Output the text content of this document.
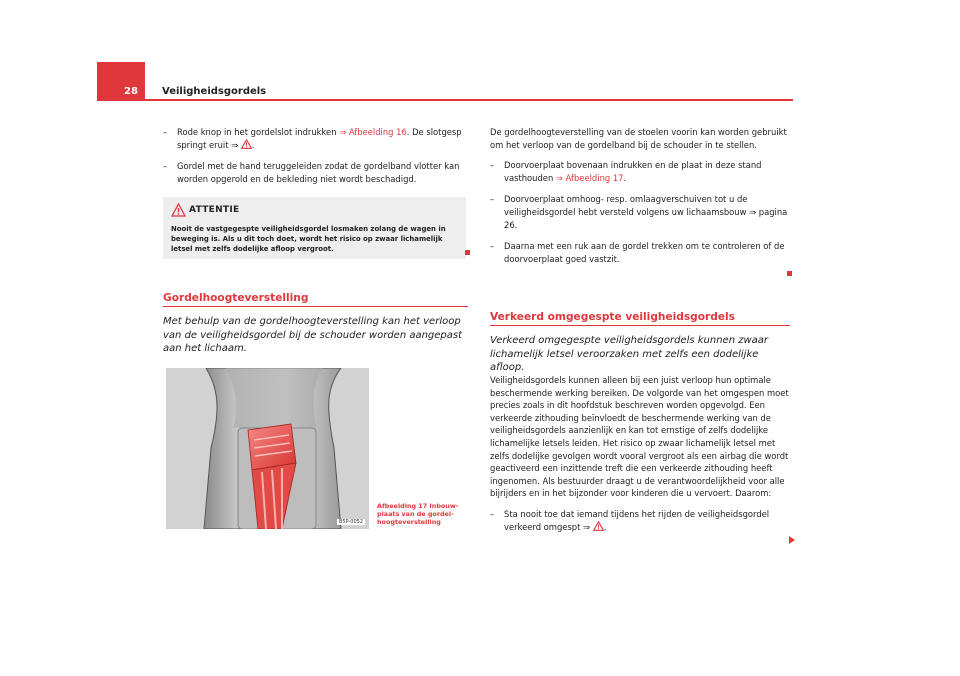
28 Veiligheidsgordels
–	Rode knop in het gordelslot indrukken ⇒ Afbeelding 16. De slotgesp springt eruit ⇒ .
–	Gordel met de hand teruggeleiden zodat de gordelband vlotter kan worden opgerold en de bekleding niet wordt beschadigd.
ATTENTIE
Nooit de vastgegespte veiligheidsgordel losmaken zolang de wagen in beweging is. Als u dit toch doet, wordt het risico op zwaar lichamelijk letsel met zelfs dodelijke afloop vergroot.
Gordelhoogteverstelling
Met behulp van de gordelhoogteverstelling kan het verloop van de veiligheidsgordel bij de schouder worden aangepast aan het lichaam.
B5P-0052
Afbeelding 17 Inbouwplaats van de gordelhoogteverstelling

De gordelhoogteverstelling van de stoelen voorin kan worden gebruikt om het verloop van de gordelband bij de schouder in te stellen.

–	Doorvoerplaat bovenaan indrukken en de plaat in deze stand vasthouden ⇒ Afbeelding 17.
–	Doorvoerplaat omhoog- resp. omlaagverschuiven tot u de veiligheidsgordel hebt versteld volgens uw lichaamsbouw ⇒ pagina 26.
–	Daarna met een ruk aan de gordel trekken om te controleren of de doorvoerplaat goed vastzit.
Verkeerd omgegespte veiligheidsgordels
Verkeerd omgegespte veiligheidsgordels kunnen zwaar lichamelijk letsel veroorzaken met zelfs een dodelijke afloop.

Veiligheidsgordels kunnen alleen bij een juist verloop hun optimale beschermende werking bereiken. De volgorde van het omgespen moet precies zoals in dit hoofdstuk beschreven worden opgevolgd. Een verkeerde zithouding beïnvloedt de beschermende werking van de veiligheidsgordels aanzienlijk en kan tot ernstige of zelfs dodelijke lichamelijke letsels leiden. Het risico op zwaar lichamelijk letsel met zelfs dodelijke gevolgen wordt vooral vergroot als een airbag die wordt geactiveerd een inzittende treft die een verkeerde zithouding heeft ingenomen. Als bestuurder draagt u de verantwoordelijkheid voor alle bijrijders en in het bijzonder voor kinderen die u vervoert. Daarom:

–	Sta nooit toe dat iemand tijdens het rijden de veiligheidsgordel verkeerd omgespt ⇒ .
